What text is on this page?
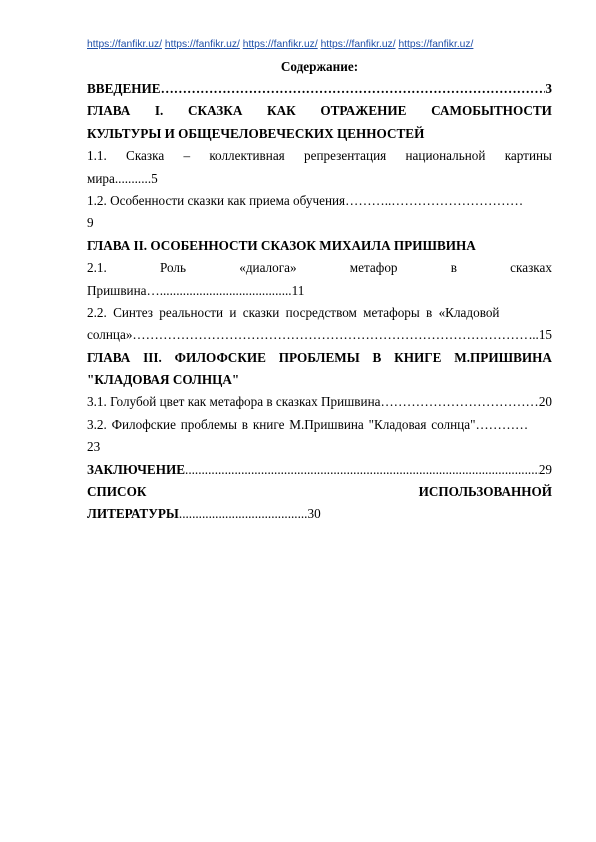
https://fanfikr.uz/ https://fanfikr.uz/ https://fanfikr.uz/ https://fanfikr.uz/ https://fanfikr.uz/
Содержание:
ВВЕДЕНИЕ ………………………………………………………………………………………………………………………………………………………………………	3
ГЛАВА I. СКАЗКА КАК ОТРАЖЕНИЕ САМОБЫТНОСТИ
КУЛЬТУРЫ И ОБЩЕЧЕЛОВЕЧЕСКИХ ЦЕННОСТЕЙ
1.1. Сказка – коллективная репрезентация национальной картины
мира...........5
1.2. Особенности сказки как приема обучения ……….. …………………………
9
ГЛАВА II. ОСОБЕННОСТИ СКАЗОК МИХАИЛА ПРИШВИНА
2.1.	Роль	«диалога»	метафор	в	сказках
Пришвина…........................................11
2.2. Синтез реальности и сказки посредством метафоры в «Кладовой
солнца» ………………………………………………………………………………………………………………………………………………………………………	...15
ГЛАВА III. ФИЛОФСКИЕ ПРОБЛЕМЫ В КНИГЕ М.ПРИШВИНА
"КЛАДОВАЯ СОЛНЦА"
3.1. Голубой цвет как метафора в сказках Пришвина ………………………………………………………………………………………………………………………………………………………………………	20
3.2. Филофские проблемы в книге М.Пришвина "Кладовая солнца" …………
23
ЗАКЛЮЧЕНИЕ .....	29
СПИСОК	ИСПОЛЬЗОВАННОЙ
ЛИТЕРАТУРЫ ....................................... 30
